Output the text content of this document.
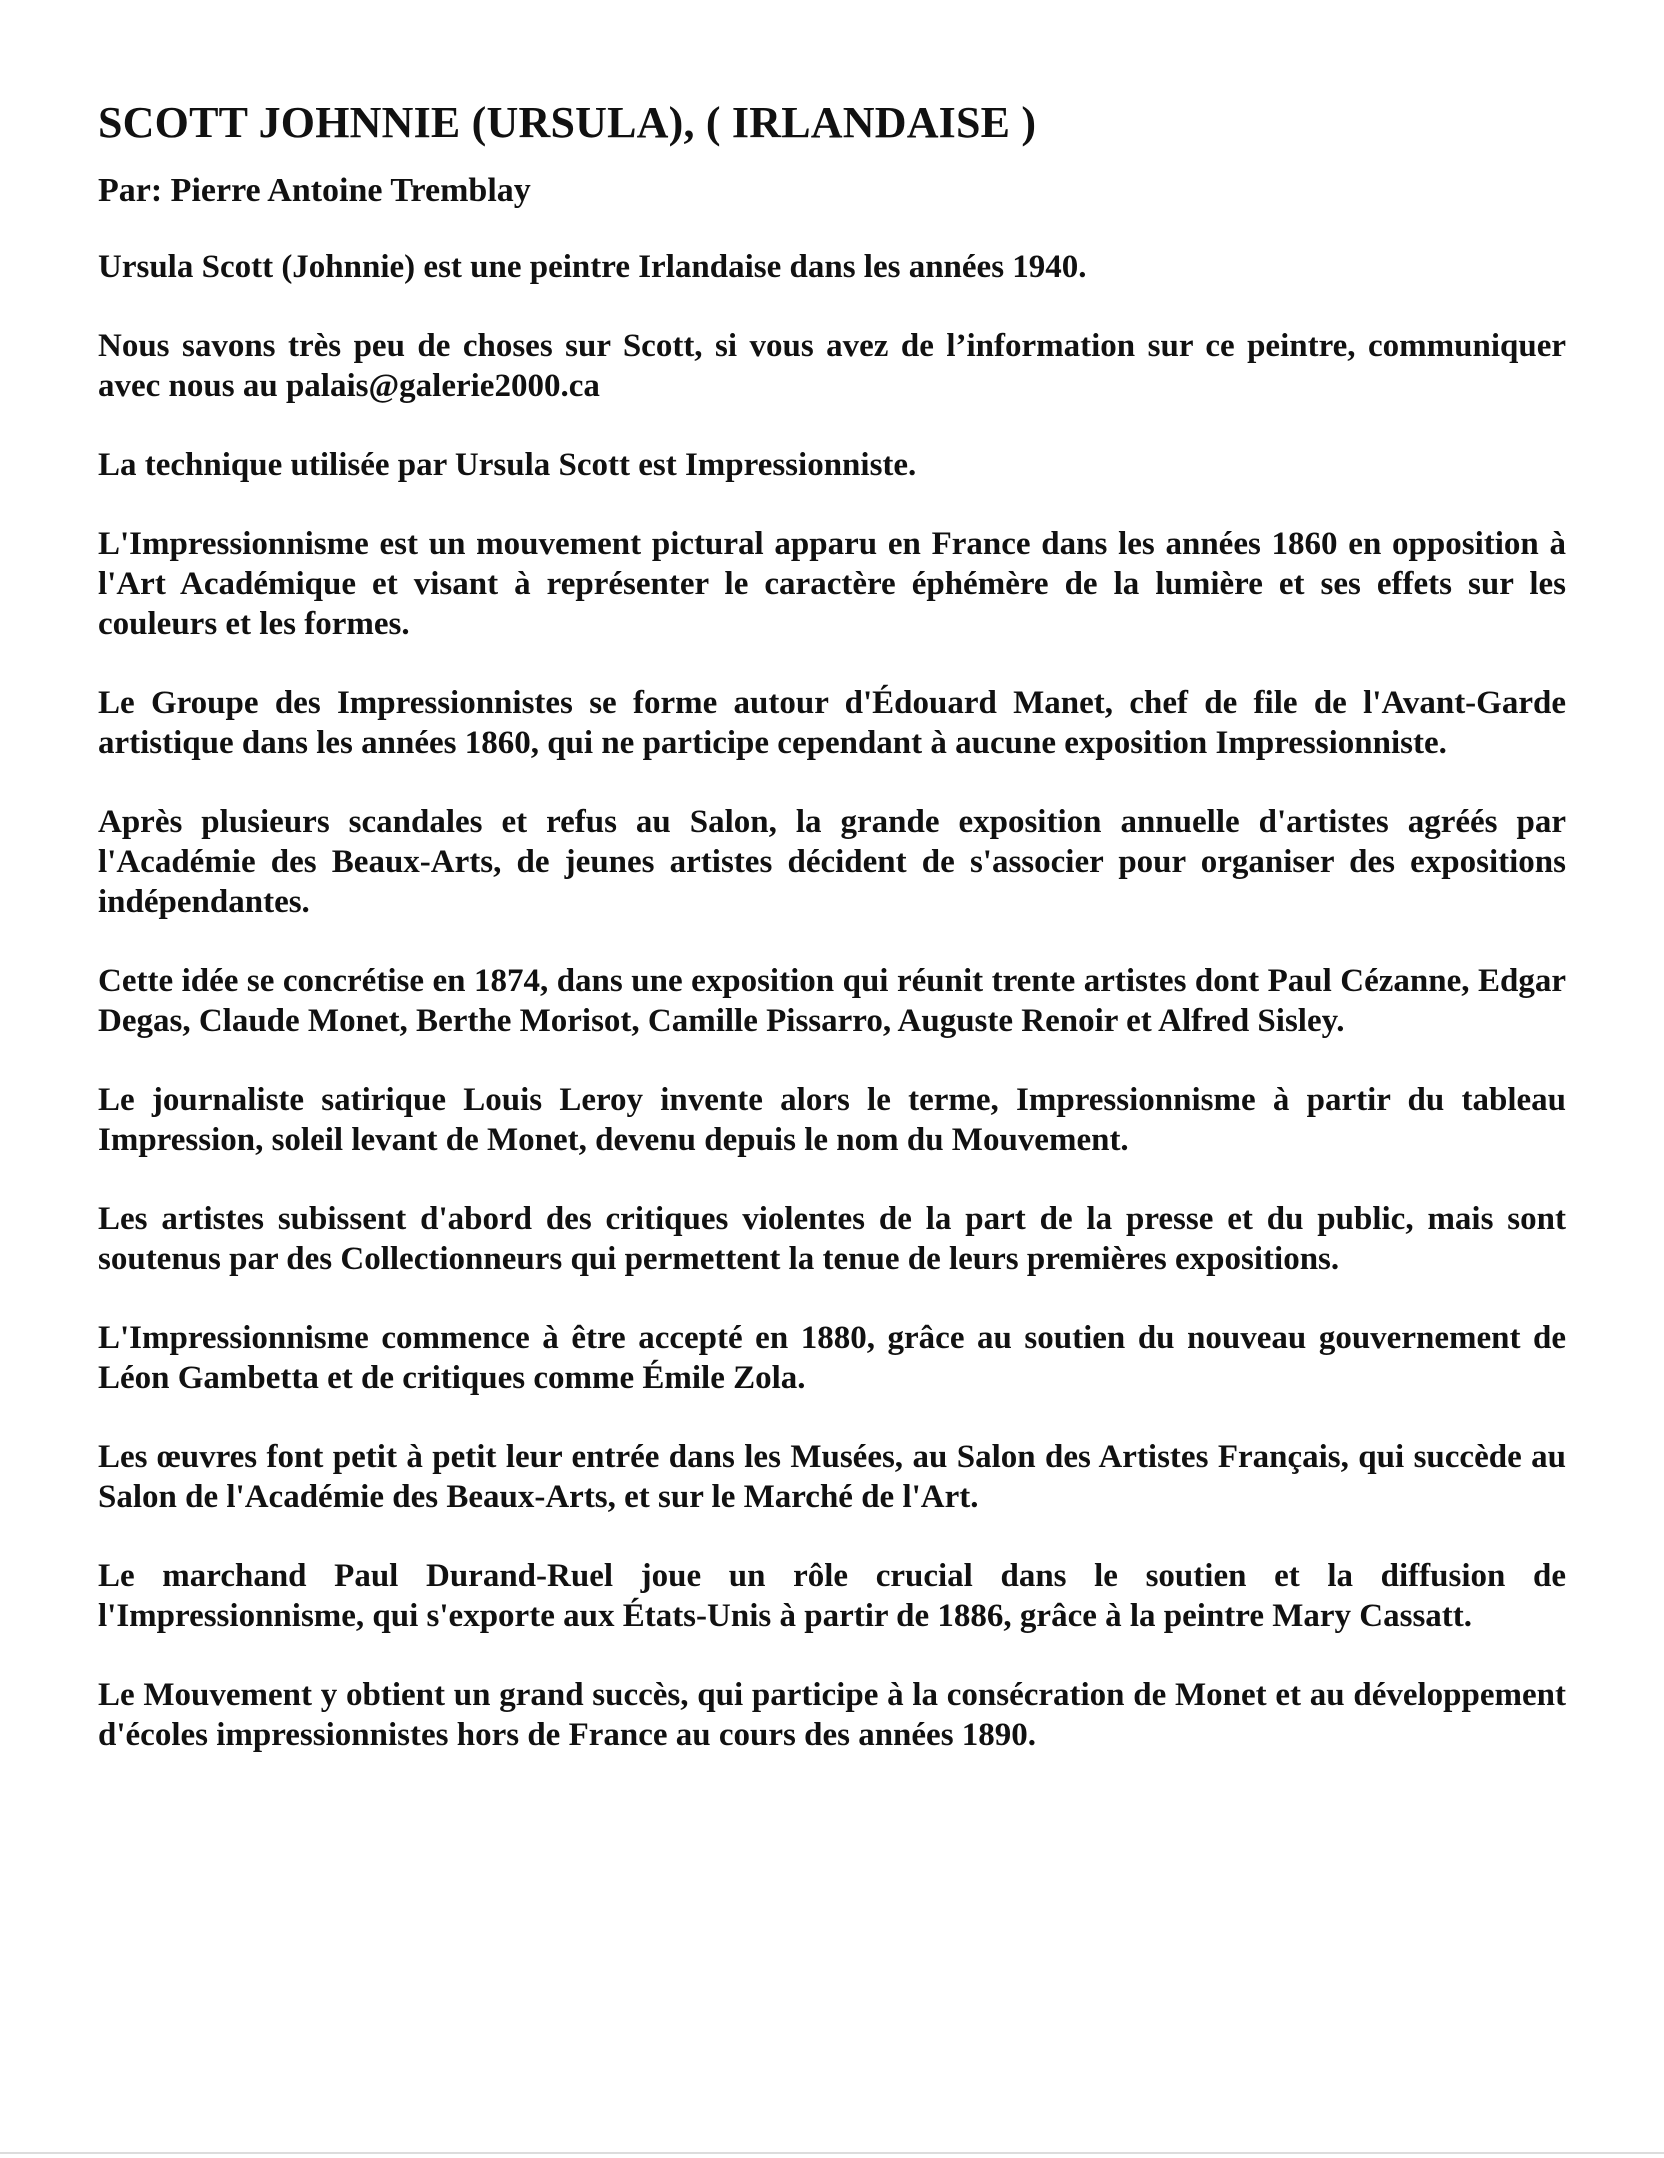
SCOTT JOHNNIE (URSULA), ( IRLANDAISE )
Par: Pierre Antoine Tremblay

Ursula Scott (Johnnie) est une peintre Irlandaise dans les années 1940.

Nous savons très peu de choses sur Scott, si vous avez de l’information sur ce peintre, communiquer avec nous au palais@galerie2000.ca

La technique utilisée par Ursula Scott est Impressionniste.

L'Impressionnisme est un mouvement pictural apparu en France dans les années 1860 en opposition à l'Art Académique et visant à représenter le caractère éphémère de la lumière et ses effets sur les couleurs et les formes.

Le Groupe des Impressionnistes se forme autour d'Édouard Manet, chef de file de l'Avant-Garde artistique dans les années 1860, qui ne participe cependant à aucune exposition Impressionniste.

Après plusieurs scandales et refus au Salon, la grande exposition annuelle d'artistes agréés par l'Académie des Beaux-Arts, de jeunes artistes décident de s'associer pour organiser des expositions indépendantes.

Cette idée se concrétise en 1874, dans une exposition qui réunit trente artistes dont Paul Cézanne, Edgar Degas, Claude Monet, Berthe Morisot, Camille Pissarro, Auguste Renoir et Alfred Sisley.

Le journaliste satirique Louis Leroy invente alors le terme, Impressionnisme à partir du tableau Impression, soleil levant de Monet, devenu depuis le nom du Mouvement.

Les artistes subissent d'abord des critiques violentes de la part de la presse et du public, mais sont soutenus par des Collectionneurs qui permettent la tenue de leurs premières expositions.

L'Impressionnisme commence à être accepté en 1880, grâce au soutien du nouveau gouvernement de Léon Gambetta et de critiques comme Émile Zola.

Les œuvres font petit à petit leur entrée dans les Musées, au Salon des Artistes Français, qui succède au Salon de l'Académie des Beaux-Arts, et sur le Marché de l'Art.

Le marchand Paul Durand-Ruel joue un rôle crucial dans le soutien et la diffusion de l'Impressionnisme, qui s'exporte aux États-Unis à partir de 1886, grâce à la peintre Mary Cassatt.

Le Mouvement y obtient un grand succès, qui participe à la consécration de Monet et au développement d'écoles impressionnistes hors de France au cours des années 1890.
